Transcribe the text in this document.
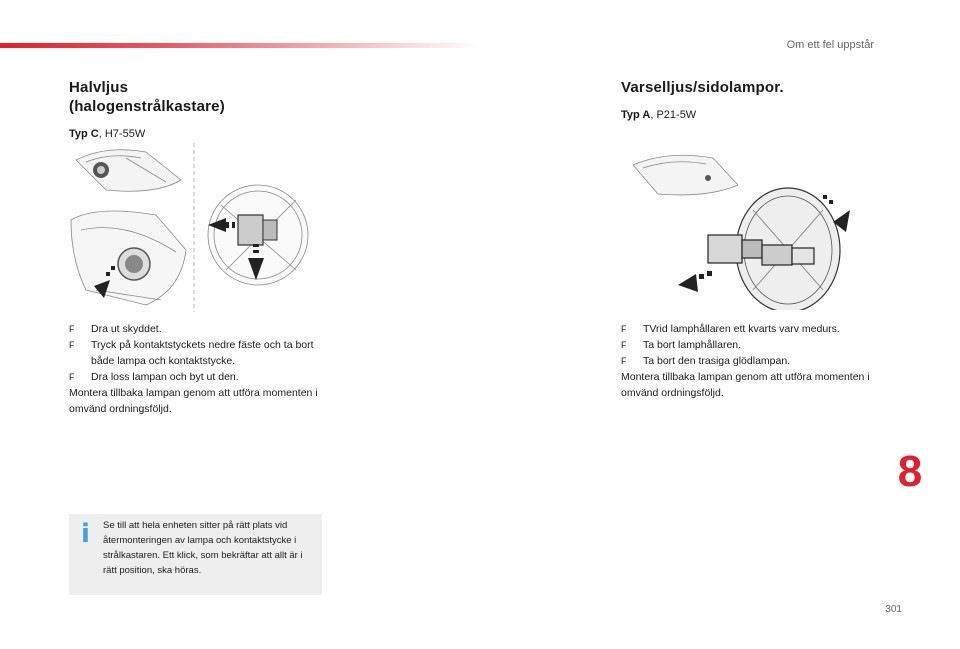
Om ett fel uppstår
Halvljus
(halogenstrålkastare)
Typ C, H7-55W
F Dra ut skyddet.
F Tryck på kontaktstyckets nedre fäste och ta bort både lampa och kontaktstycke.
F Dra loss lampan och byt ut den.
Montera tillbaka lampan genom att utföra momenten i omvänd ordningsföljd.
Varselljus/sidolampor.
Typ A, P21-5W
F TVrid lamphållaren ett kvarts varv medurs.
F Ta bort lamphållaren.
F Ta bort den trasiga glödlampan.
Montera tillbaka lampan genom att utföra momenten i omvänd ordningsföljd.
i Se till att hela enheten sitter på rätt plats vid återmonteringen av lampa och kontaktstycke i strålkastaren. Ett klick, som bekräftar att allt är i rätt position, ska höras.
8
301
